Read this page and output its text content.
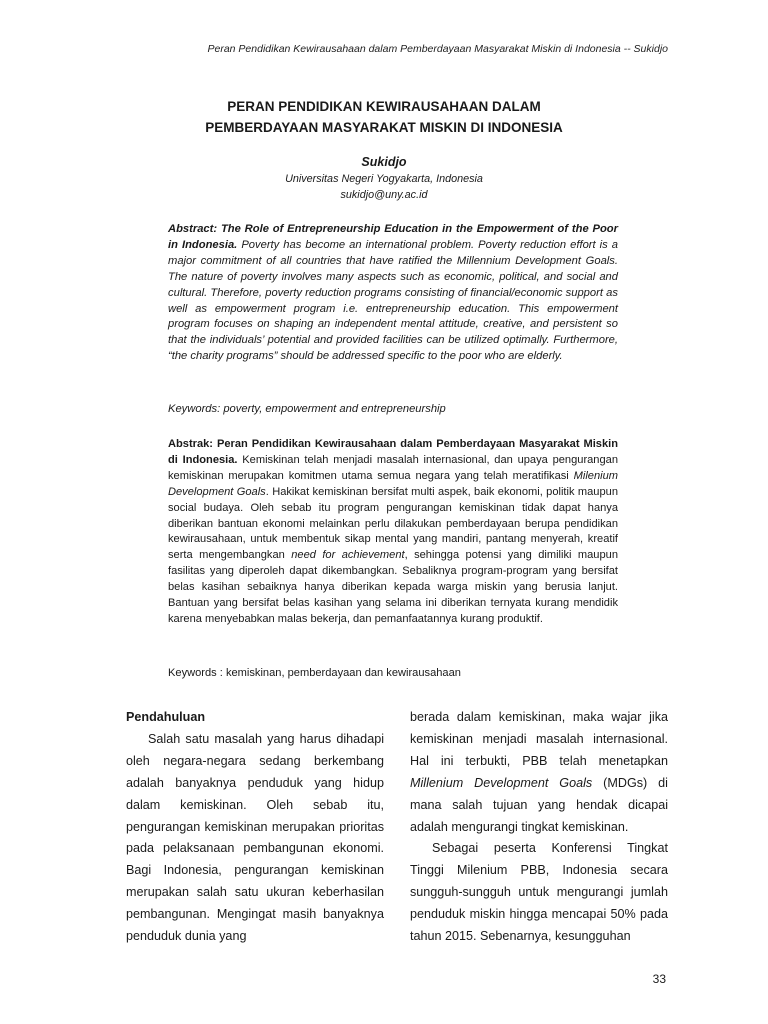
Peran Pendidikan Kewirausahaan dalam Pemberdayaan Masyarakat Miskin di Indonesia -- Sukidjo
PERAN PENDIDIKAN KEWIRAUSAHAAN DALAM
PEMBERDAYAAN MASYARAKAT MISKIN DI INDONESIA
Sukidjo
Universitas Negeri Yogyakarta, Indonesia
sukidjo@uny.ac.id

Abstract: The Role of Entrepreneurship Education in the Empowerment of the Poor in Indonesia. Poverty has become an international problem. Poverty reduction effort is a major commitment of all countries that have ratified the Millennium Development Goals. The nature of poverty involves many aspects such as economic, political, and social and cultural. Therefore, poverty reduction programs consisting of financial/economic support as well as empowerment program i.e. entrepreneurship education. This empowerment program focuses on shaping an independent mental attitude, creative, and persistent so that the individuals’ potential and provided facilities can be utilized optimally. Furthermore, “the charity programs” should be addressed specific to the poor who are elderly.

Keywords: poverty, empowerment and entrepreneurship

Abstrak: Peran Pendidikan Kewirausahaan dalam Pemberdayaan Masyarakat Miskin di Indonesia. Kemiskinan telah menjadi masalah internasional, dan upaya pengurangan kemiskinan merupakan komitmen utama semua negara yang telah meratifikasi Milenium Development Goals. Hakikat kemiskinan bersifat multi aspek, baik ekonomi, politik maupun social budaya. Oleh sebab itu program pengurangan kemiskinan tidak dapat hanya diberikan bantuan ekonomi melainkan perlu dilakukan pemberdayaan berupa pendidikan kewirausahaan, untuk membentuk sikap mental yang mandiri, pantang menyerah, kreatif serta mengembangkan need for achievement, sehingga potensi yang dimiliki maupun fasilitas yang diperoleh dapat dikembangkan. Sebaliknya program-program yang bersifat belas kasihan sebaiknya hanya diberikan kepada warga miskin yang berusia lanjut. Bantuan yang bersifat belas kasihan yang selama ini diberikan ternyata kurang mendidik karena menyebabkan malas bekerja, dan pemanfaatannya kurang produktif.

Keywords : kemiskinan, pemberdayaan dan kewirausahaan

Pendahuluan

Salah satu masalah yang harus dihadapi oleh negara-negara sedang berkembang adalah banyaknya penduduk yang hidup dalam kemiskinan. Oleh sebab itu, pengurangan kemiskinan merupakan prioritas pada pelaksanaan pembangunan ekonomi. Bagi Indonesia, pengurangan kemiskinan merupakan salah satu ukuran keberhasilan pembangunan. Mengingat masih banyaknya penduduk dunia yang

berada dalam kemiskinan, maka wajar jika kemiskinan menjadi masalah internasional. Hal ini terbukti, PBB telah menetapkan Millenium Development Goals (MDGs) di mana salah tujuan yang hendak dicapai adalah mengurangi tingkat kemiskinan.

Sebagai peserta Konferensi Tingkat Tinggi Milenium PBB, Indonesia secara sungguh-sungguh untuk mengurangi jumlah penduduk miskin hingga mencapai 50% pada tahun 2015. Sebenarnya, kesungguhan

33
